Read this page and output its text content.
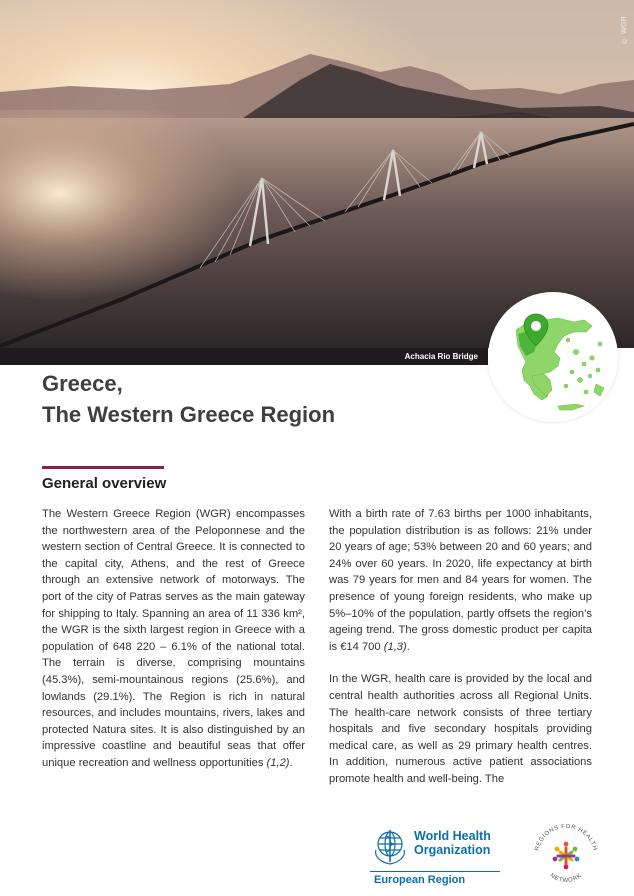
© WGR
Achacia Rio Bridge
Greece,
The Western Greece Region
General overview

The Western Greece Region (WGR) encompasses the northwestern area of the Peloponnese and the western section of Central Greece. It is connected to the capital city, Athens, and the rest of Greece through an extensive network of motorways. The port of the city of Patras serves as the main gateway for shipping to Italy. Spanning an area of 11 336 km², the WGR is the sixth largest region in Greece with a population of 648 220 – 6.1% of the national total. The terrain is diverse, comprising mountains (45.3%), semi-mountainous regions (25.6%), and lowlands (29.1%). The Region is rich in natural resources, and includes mountains, rivers, lakes and protected Natura sites. It is also distinguished by an impressive coastline and beautiful seas that offer unique recreation and wellness opportunities (1,2).

With a birth rate of 7.63 births per 1000 inhabitants, the population distribution is as follows: 21% under 20 years of age; 53% between 20 and 60 years; and 24% over 60 years. In 2020, life expectancy at birth was 79 years for men and 84 years for women. The presence of young foreign residents, who make up 5%–10% of the population, partly offsets the region’s ageing trend. The gross domestic product per capita is €14 700 (1,3).

In the WGR, health care is provided by the local and central health authorities across all Regional Units. The health-care network consists of three tertiary hospitals and five secondary hospitals providing medical care, as well as 29 primary health centres. In addition, numerous active patient associations promote health and well-being. The

World Health
Organization
European Region
REGIONS FOR HEALTH
NETWORK
